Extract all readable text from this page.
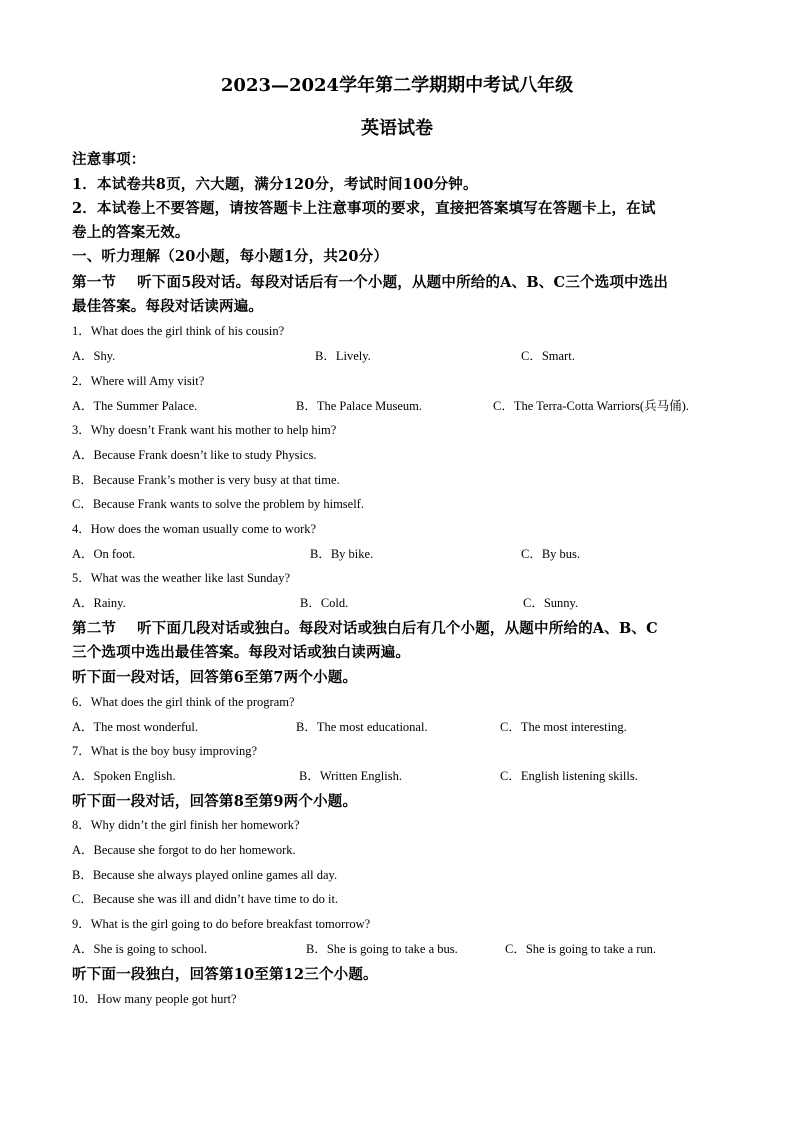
2023—2024学年第二学期期中考试八年级
英语试卷
注意事项：
1．本试卷共8页，六大题，满分120分，考试时间100分钟。
2．本试卷上不要答题，请按答题卡上注意事项的要求，直接把答案填写在答题卡上，在试
卷上的答案无效。
一、听力理解（20小题，每小题1分，共20分）
第一节    听下面5段对话。每段对话后有一个小题，从题中所给的A、B、C三个选项中选出
最佳答案。每段对话读两遍。
1．What does the girl think of his cousin?
A．Shy.	B．Lively.	C．Smart.
2．Where will Amy visit?
A．The Summer Palace.	B．The Palace Museum.	C．The Terra-Cotta Warriors(兵马俑).
3．Why doesn’t Frank want his mother to help him?
A．Because Frank doesn’t like to study Physics.
B．Because Frank’s mother is very busy at that time.
C．Because Frank wants to solve the problem by himself.
4．How does the woman usually come to work?
A．On foot.	B．By bike.	C．By bus.
5．What was the weather like last Sunday?
A．Rainy.	B．Cold.	C．Sunny.
第二节    听下面几段对话或独白。每段对话或独白后有几个小题，从题中所给的A、B、C
三个选项中选出最佳答案。每段对话或独白读两遍。
听下面一段对话，回答第6至第7两个小题。
6．What does the girl think of the program?
A．The most wonderful.	B．The most educational.	C．The most interesting.
7．What is the boy busy improving?
A．Spoken English.	B．Written English.	C．English listening skills.
听下面一段对话，回答第8至第9两个小题。
8．Why didn’t the girl finish her homework?
A．Because she forgot to do her homework.
B．Because she always played online games all day.
C．Because she was ill and didn’t have time to do it.
9．What is the girl going to do before breakfast tomorrow?
A．She is going to school.	B．She is going to take a bus.	C．She is going to take a run.
听下面一段独白，回答第10至第12三个小题。
10．How many people got hurt?
